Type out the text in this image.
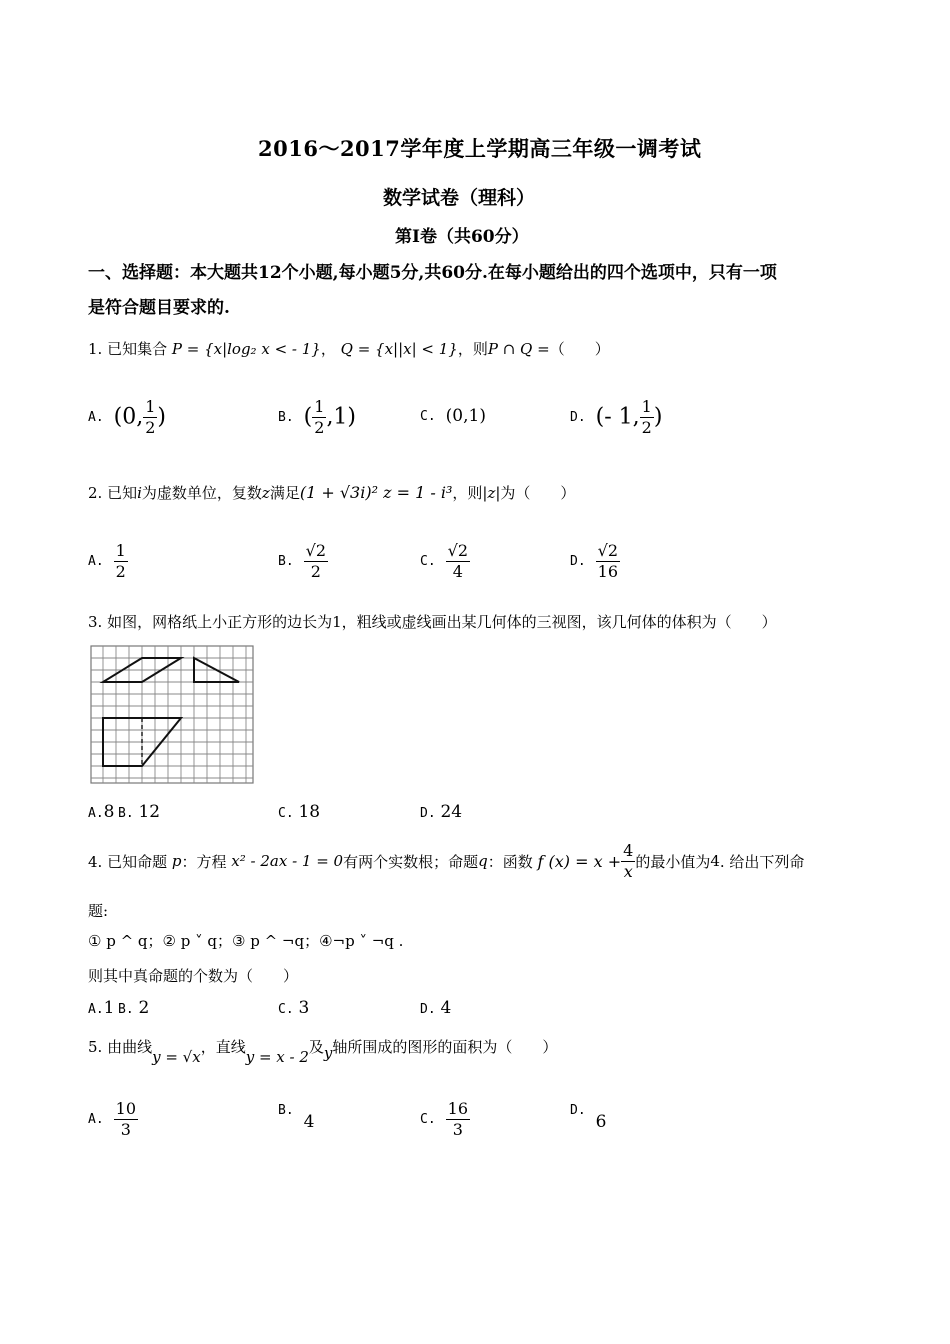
2016～2017学年度上学期高三年级一调考试
数学试卷（理科）
第Ⅰ卷（共60分）
一、选择题：本大题共12个小题,每小题5分,共60分.在每小题给出的四个选项中，只有一项
是符合题目要求的.
1. 已知集合 P = {x|log₂ x < - 1}， Q = {x||x| < 1}，则P ∩ Q =（　　）
A. (0, $\frac{1}{2}$ )	B. ( $\frac{1}{2} ,1$)	C. (0,1)	D. (- 1, $\frac{1}{2}$ )
2. 已知i为虚数单位，复数z满足(1 + √3i)² z = 1 - i³，则|z|为（　　）
A. $\frac{1}{2}$	B. $\frac{√2}{2}$	C. $\frac{√2}{4}$	D. $\frac{√2}{16}$
3. 如图，网格纸上小正方形的边长为1，粗线或虚线画出某几何体的三视图，该几何体的体积为（　　）
A.8 B. 12	C. 18	D. 24
4. 已知命题
p ：方程
x² - 2ax - 1 = 0 有两个实数根；命题 q ：函数
f $(x) = x + \frac{4}{x}$ 的最小值为 4 . 给出下列命
题:
① p ^ q；② p ˅ q；③ p ^ ¬q；④¬p ˅ ¬q .
则其中真命题的个数为（　　）
A.1 B. 2	C. 3	D. 4
5. 由曲线y = √x，直线y = x - 2及y轴所围成的图形的面积为（　　）
A. $\frac{10}{3}$	B.
4	C. $\frac{16}{3}$	D.
6
